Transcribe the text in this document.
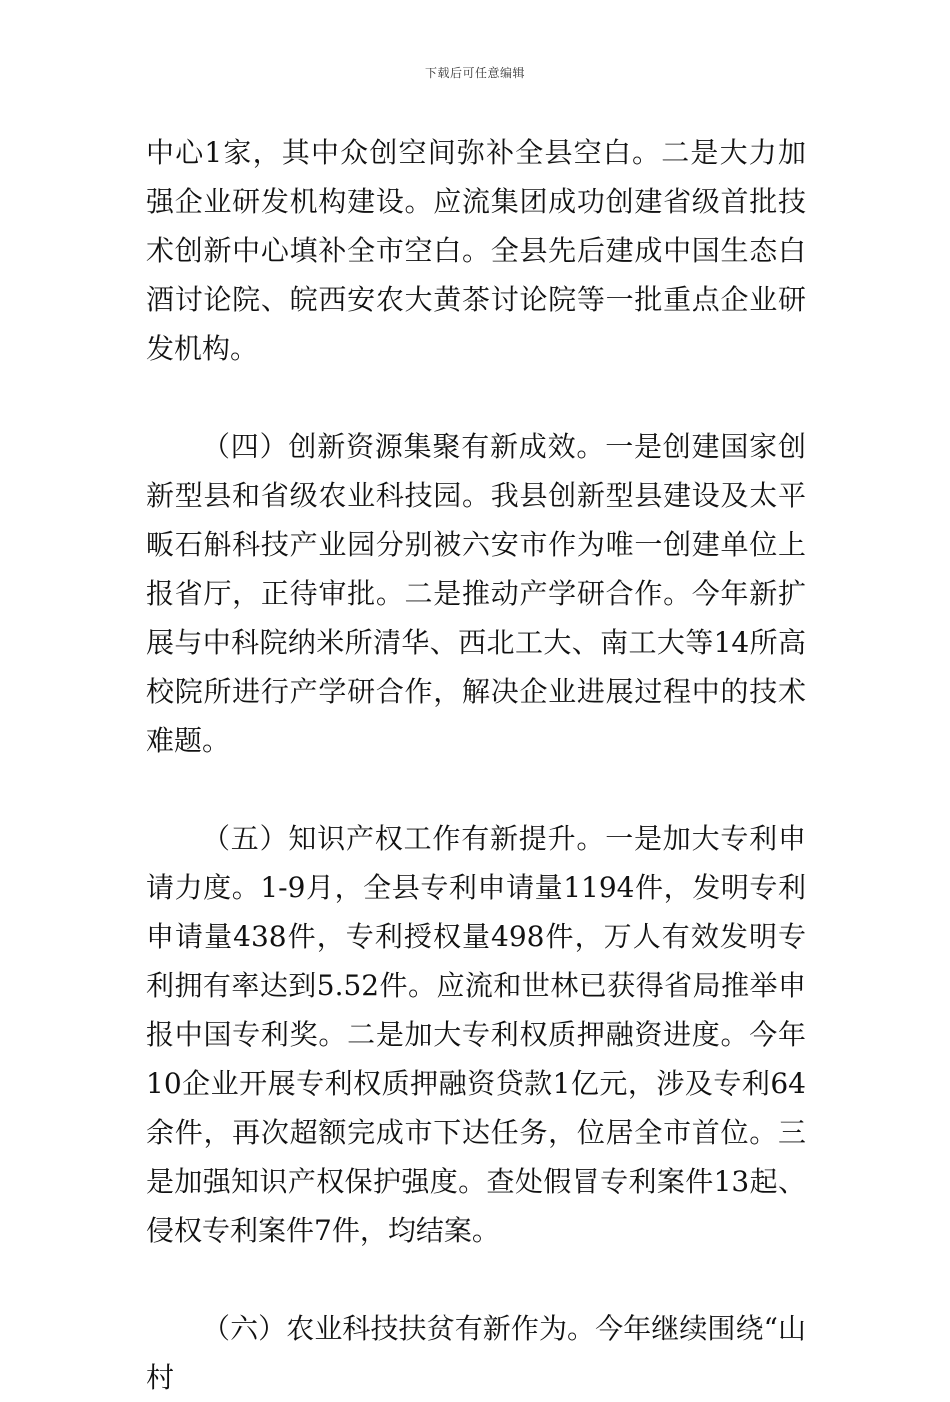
下载后可任意编辑

中心1家，其中众创空间弥补全县空白。二是大力加强企业研发机构建设。应流集团成功创建省级首批技术创新中心填补全市空白。全县先后建成中国生态白酒讨论院、皖西安农大黄茶讨论院等一批重点企业研发机构。

（四）创新资源集聚有新成效。一是创建国家创新型县和省级农业科技园。我县创新型县建设及太平畈石斛科技产业园分别被六安市作为唯一创建单位上报省厅，正待审批。二是推动产学研合作。今年新扩展与中科院纳米所清华、西北工大、南工大等14所高校院所进行产学研合作，解决企业进展过程中的技术难题。

（五）知识产权工作有新提升。一是加大专利申请力度。1-9月，全县专利申请量1194件，发明专利申请量438件，专利授权量498件，万人有效发明专利拥有率达到5.52件。应流和世林已获得省局推举申报中国专利奖。二是加大专利权质押融资进度。今年10企业开展专利权质押融资贷款1亿元，涉及专利64余件，再次超额完成市下达任务，位居全市首位。三是加强知识产权保护强度。查处假冒专利案件13起、侵权专利案件7件，均结案。

（六）农业科技扶贫有新作为。今年继续围绕“山村
